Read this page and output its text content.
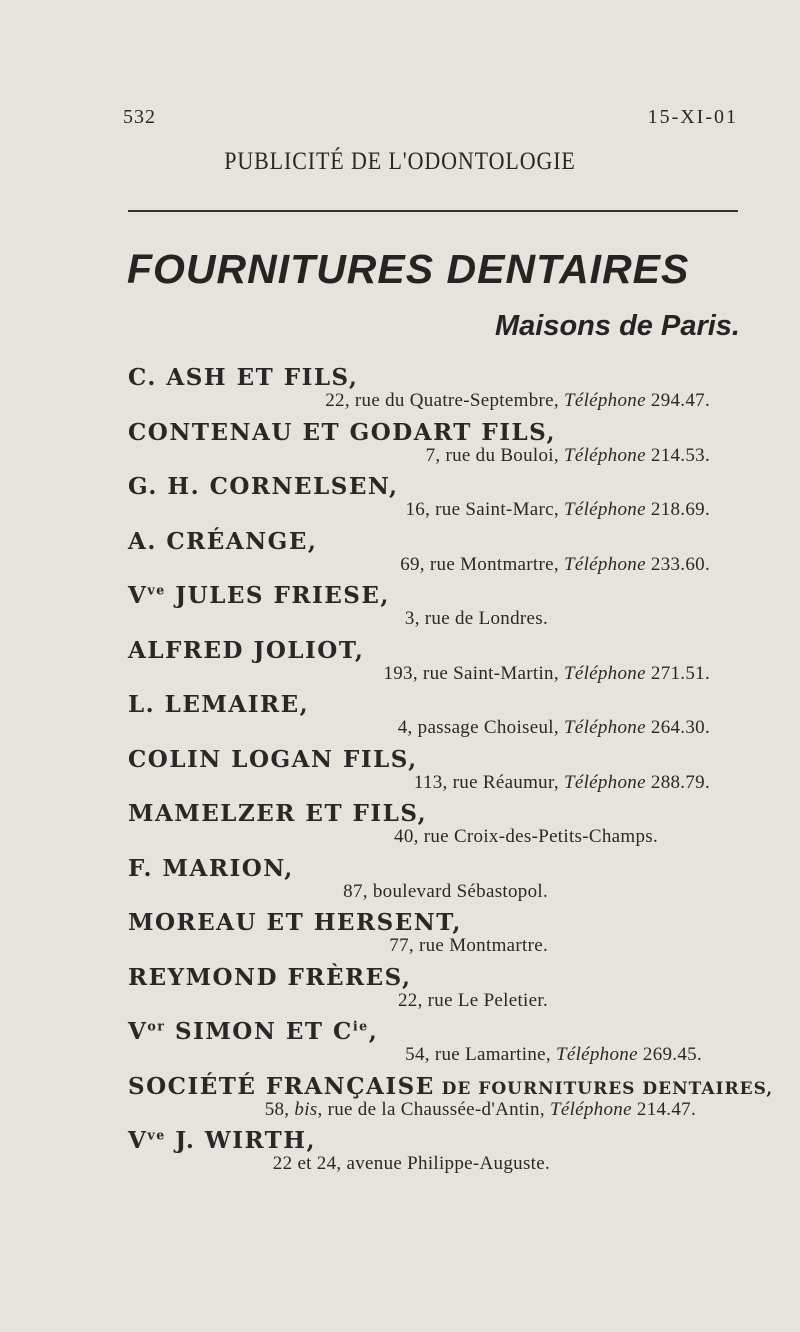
532	15-XI-01
PUBLICITÉ DE L'ODONTOLOGIE
FOURNITURES DENTAIRES
Maisons de Paris.
C. ASH ET FILS,
22, rue du Quatre-Septembre, Téléphone 294.47.
CONTENAU ET GODART FILS,
7, rue du Bouloi, Téléphone 214.53.
G. H. CORNELSEN,
16, rue Saint-Marc, Téléphone 218.69.
A. CRÉANGE,
69, rue Montmartre, Téléphone 233.60.
$V^{ve}$ JULES FRIESE,
3, rue de Londres.
ALFRED JOLIOT,
193, rue Saint-Martin, Téléphone 271.51.
L. LEMAIRE,
4, passage Choiseul, Téléphone 264.30.
COLIN LOGAN FILS,
113, rue Réaumur, Téléphone 288.79.
MAMELZER ET FILS,
40, rue Croix-des-Petits-Champs.
F. MARION,
87, boulevard Sébastopol.
MOREAU ET HERSENT,
77, rue Montmartre.
REYMOND FRÈRES,
22, rue Le Peletier.
$V^{or}$ SIMON ET $C^{ie}$,
54, rue Lamartine, Téléphone 269.45.
SOCIÉTÉ FRANÇAISE DE FOURNITURES DENTAIRES,
58, bis, rue de la Chaussée-d'Antin, Téléphone 214.47.
$V^{ve}$ J. WIRTH,
22 et 24, avenue Philippe-Auguste.
